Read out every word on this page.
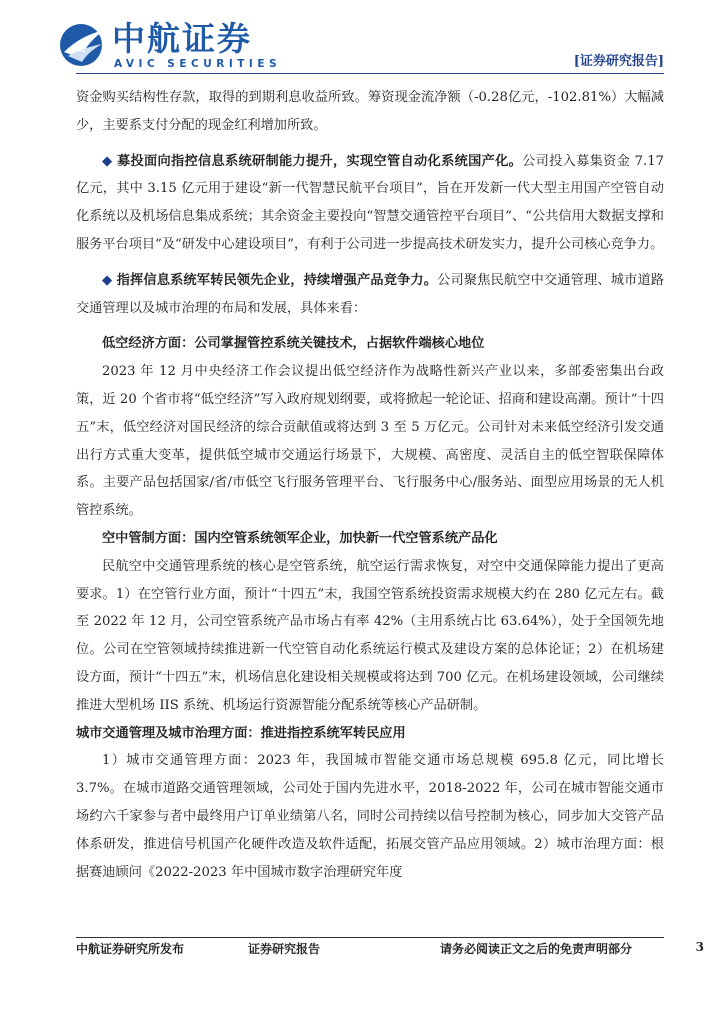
AVIC 中航证券
AVIC SECURITIES	[证券研究报告]

资金购买结构性存款，取得的到期利息收益所致。筹资现金流净额（-0.28亿元，-102.81%）大幅减少，主要系支付分配的现金红利增加所致。

◆ 募投面向指控信息系统研制能力提升，实现空管自动化系统国产化。公司投入募集资金 7.17 亿元，其中 3.15 亿元用于建设“新一代智慧民航平台项目”，旨在开发新一代大型主用国产空管自动化系统以及机场信息集成系统；其余资金主要投向“智慧交通管控平台项目”、“公共信用大数据支撑和服务平台项目”及“研发中心建设项目”，有利于公司进一步提高技术研发实力，提升公司核心竞争力。

◆ 指挥信息系统军转民领先企业，持续增强产品竞争力。公司聚焦民航空中交通管理、城市道路交通管理以及城市治理的布局和发展，具体来看：

低空经济方面：公司掌握管控系统关键技术，占据软件端核心地位

2023 年 12 月中央经济工作会议提出低空经济作为战略性新兴产业以来，多部委密集出台政策，近 20 个省市将“低空经济”写入政府规划纲要，或将掀起一轮论证、招商和建设高潮。预计“十四五”末，低空经济对国民经济的综合贡献值或将达到 3 至 5 万亿元。公司针对未来低空经济引发交通出行方式重大变革，提供低空城市交通运行场景下，大规模、高密度、灵活自主的低空智联保障体系。主要产品包括国家/省/市低空飞行服务管理平台、飞行服务中心/服务站、面型应用场景的无人机管控系统。

空中管制方面：国内空管系统领军企业，加快新一代空管系统产品化

民航空中交通管理系统的核心是空管系统，航空运行需求恢复，对空中交通保障能力提出了更高要求。1）在空管行业方面，预计“十四五”末，我国空管系统投资需求规模大约在 280 亿元左右。截至 2022 年 12 月，公司空管系统产品市场占有率 42%（主用系统占比 63.64%），处于全国领先地位。公司在空管领域持续推进新一代空管自动化系统运行模式及建设方案的总体论证；2）在机场建设方面，预计“十四五”末，机场信息化建设相关规模或将达到 700 亿元。在机场建设领域，公司继续推进大型机场 IIS 系统、机场运行资源智能分配系统等核心产品研制。

城市交通管理及城市治理方面：推进指控系统军转民应用

1）城市交通管理方面：2023 年，我国城市智能交通市场总规模 695.8 亿元，同比增长 3.7%。在城市道路交通管理领域，公司处于国内先进水平，2018-2022 年，公司在城市智能交通市场约六千家参与者中最终用户订单业绩第八名，同时公司持续以信号控制为核心，同步加大交管产品体系研发，推进信号机国产化硬件改造及软件适配，拓展交管产品应用领域。2）城市治理方面：根据赛迪顾问《2022-2023 年中国城市数字治理研究年度

中航证券研究所发布	证券研究报告	请务必阅读正文之后的免责声明部分	3
